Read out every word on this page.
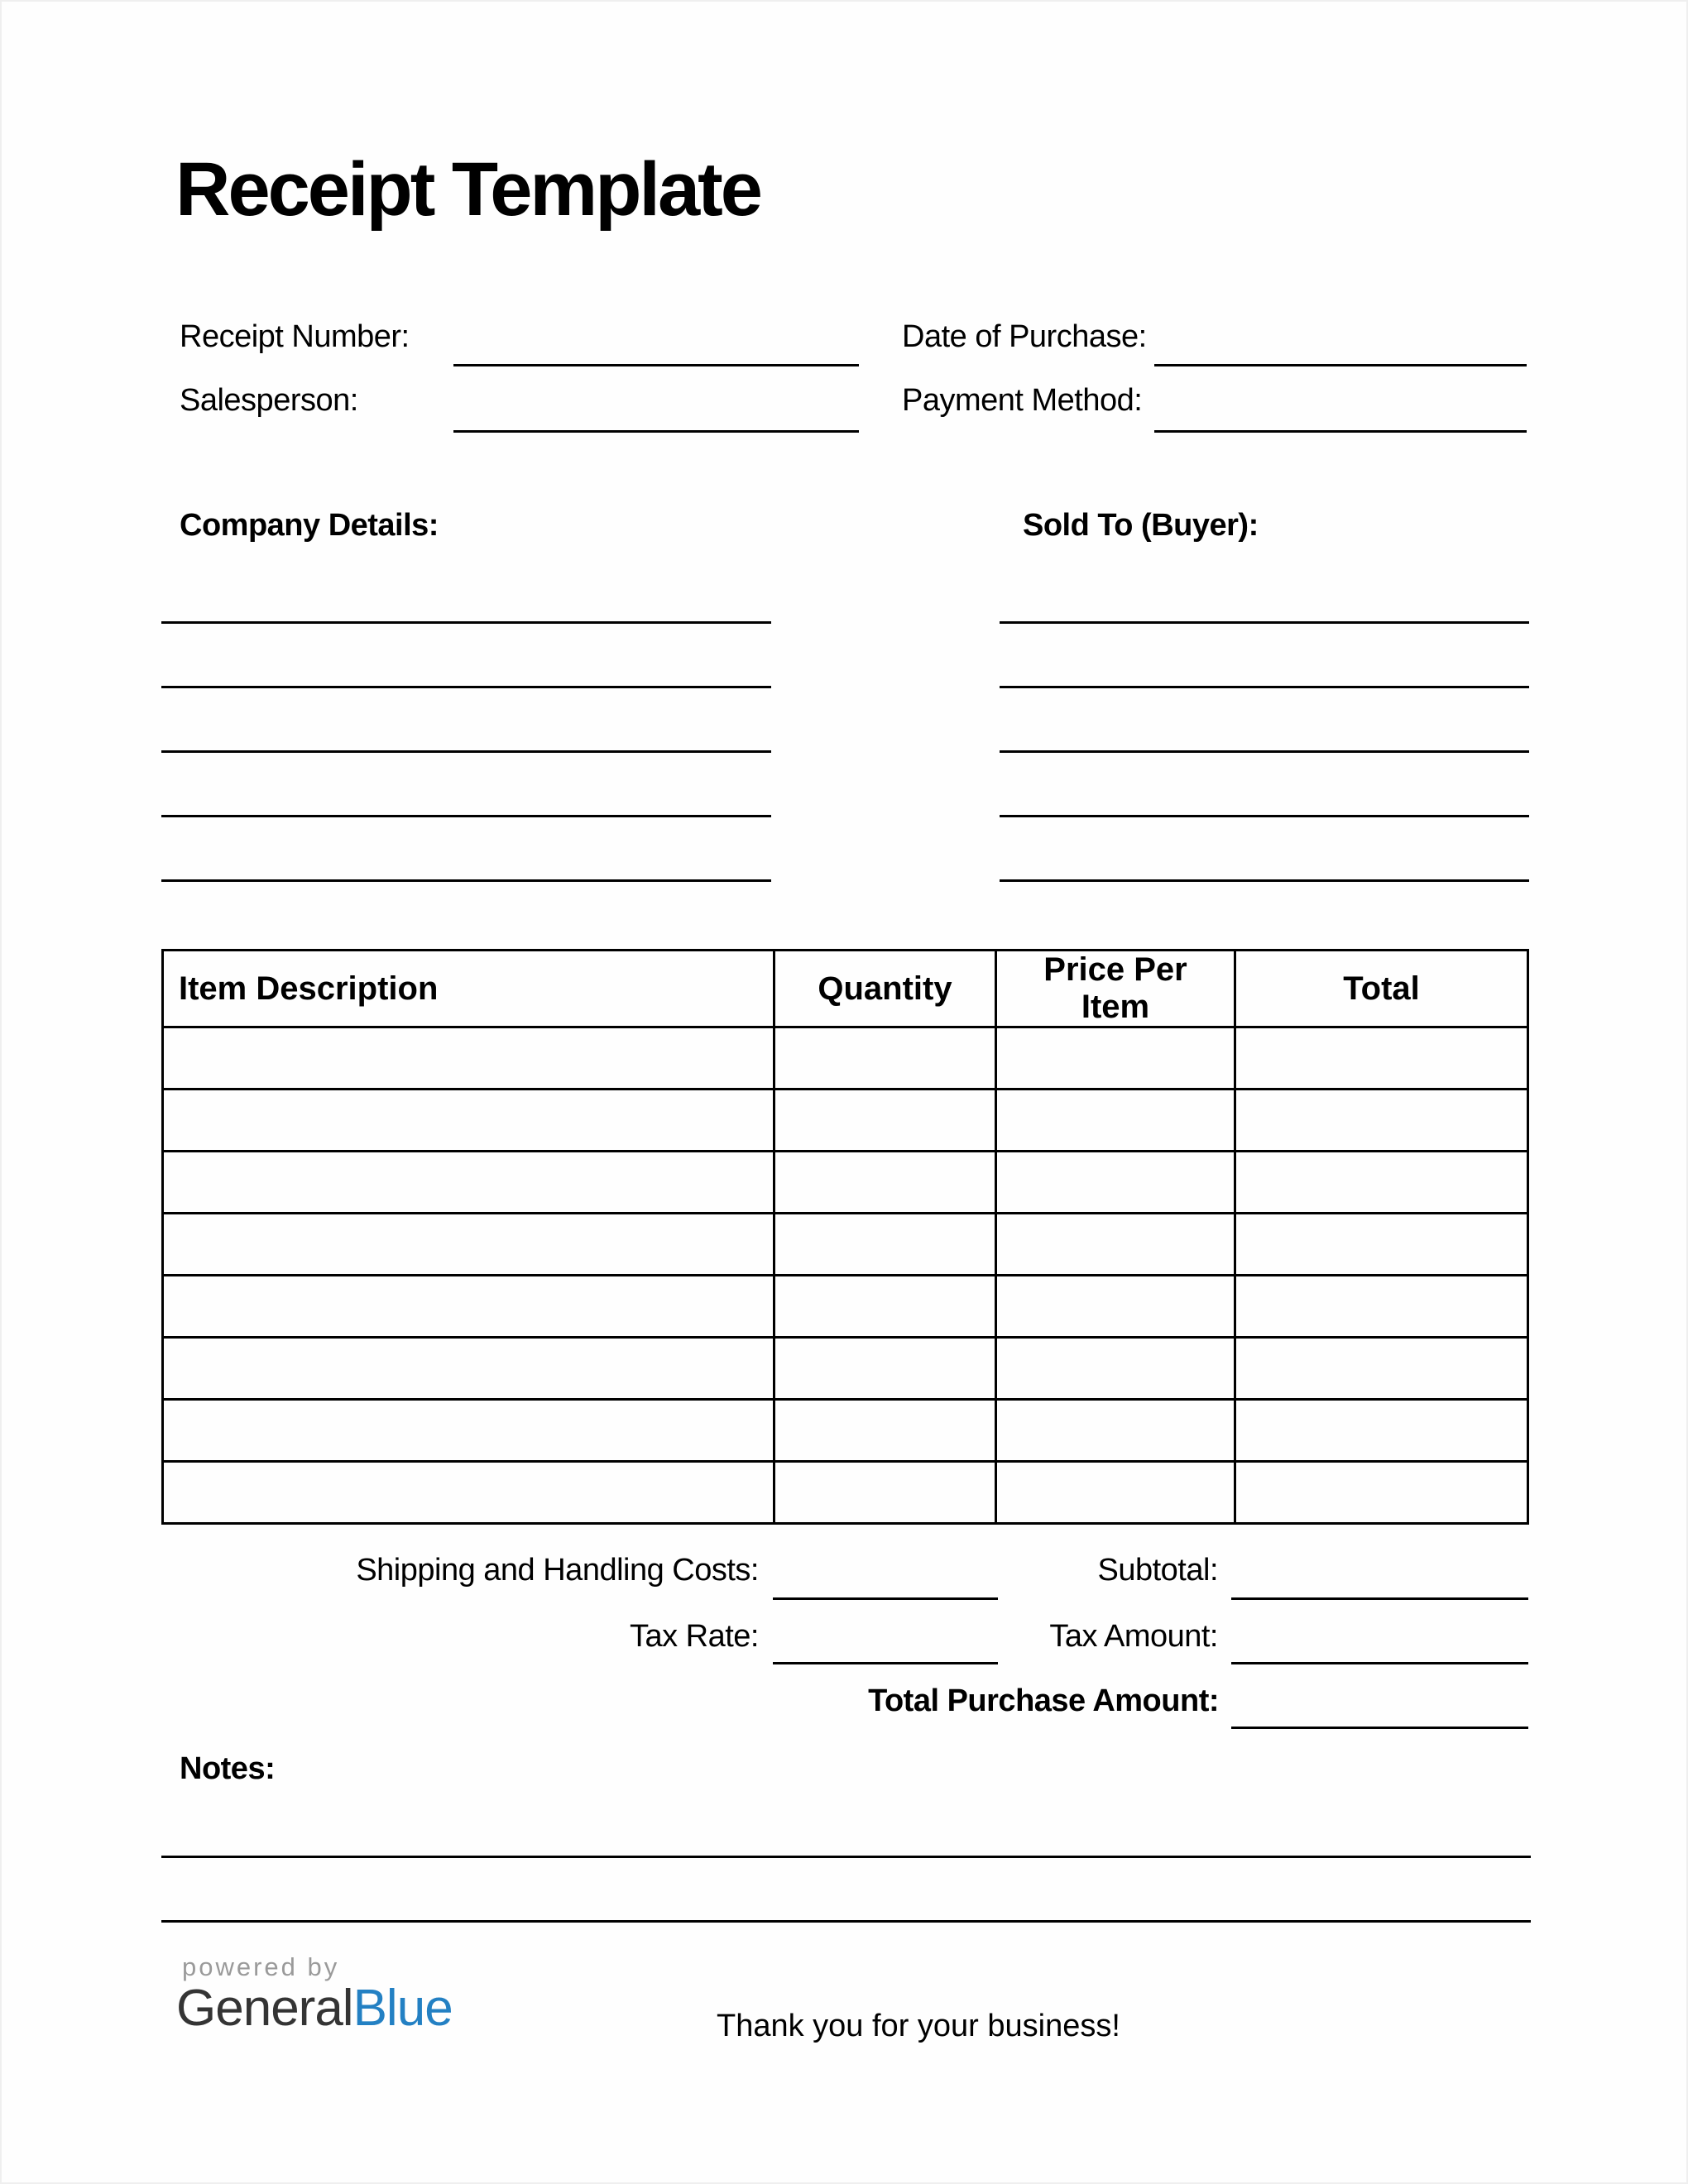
Receipt Template
Receipt Number:	Date of Purchase:
Salesperson:	Payment Method:
Company Details:	Sold To (Buyer):
Item Description	Quantity	Price Per Item	Total

Shipping and Handling Costs:	Subtotal:
Tax Rate:	Tax Amount:
Total Purchase Amount:
Notes:
powered by
GeneralBlue	Thank you for your business!
